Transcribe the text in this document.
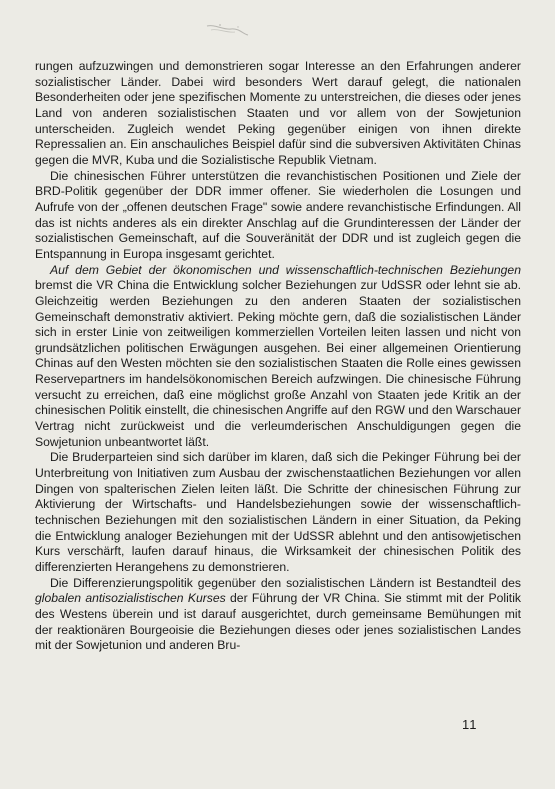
rungen aufzuzwingen und demonstrieren sogar Interesse an den Erfahrungen anderer sozialistischer Länder. Dabei wird besonders Wert darauf gelegt, die nationalen Besonderheiten oder jene spezifischen Momente zu unterstreichen, die dieses oder jenes Land von anderen sozialistischen Staaten und vor allem von der Sowjetunion unterscheiden. Zugleich wendet Peking gegenüber einigen von ihnen direkte Repressalien an. Ein anschauliches Beispiel dafür sind die subversiven Aktivitäten Chinas gegen die MVR, Kuba und die Sozialistische Republik Vietnam.

Die chinesischen Führer unterstützen die revanchistischen Positionen und Ziele der BRD-Politik gegenüber der DDR immer offener. Sie wiederholen die Losungen und Aufrufe von der „offenen deutschen Frage" sowie andere revanchistische Erfindungen. All das ist nichts anderes als ein direkter Anschlag auf die Grundinteressen der Länder der sozialistischen Gemeinschaft, auf die Souveränität der DDR und ist zugleich gegen die Entspannung in Europa insgesamt gerichtet.

Auf dem Gebiet der ökonomischen und wissenschaftlich-technischen Beziehungen bremst die VR China die Entwicklung solcher Beziehungen zur UdSSR oder lehnt sie ab. Gleichzeitig werden Beziehungen zu den anderen Staaten der sozialistischen Gemeinschaft demonstrativ aktiviert. Peking möchte gern, daß die sozialistischen Länder sich in erster Linie von zeitweiligen kommerziellen Vorteilen leiten lassen und nicht von grundsätzlichen politischen Erwägungen ausgehen. Bei einer allgemeinen Orientierung Chinas auf den Westen möchten sie den sozialistischen Staaten die Rolle eines gewissen Reservepartners im handelsökonomischen Bereich aufzwingen. Die chinesische Führung versucht zu erreichen, daß eine möglichst große Anzahl von Staaten jede Kritik an der chinesischen Politik einstellt, die chinesischen Angriffe auf den RGW und den Warschauer Vertrag nicht zurückweist und die verleumderischen Anschuldigungen gegen die Sowjetunion unbeantwortet läßt.

Die Bruderparteien sind sich darüber im klaren, daß sich die Pekinger Führung bei der Unterbreitung von Initiativen zum Ausbau der zwischenstaatlichen Beziehungen vor allen Dingen von spalterischen Zielen leiten läßt. Die Schritte der chinesischen Führung zur Aktivierung der Wirtschafts- und Handelsbeziehungen sowie der wissenschaftlich-technischen Beziehungen mit den sozialistischen Ländern in einer Situation, da Peking die Entwicklung analoger Beziehungen mit der UdSSR ablehnt und den antisowjetischen Kurs verschärft, laufen darauf hinaus, die Wirksamkeit der chinesischen Politik des differenzierten Herangehens zu demonstrieren.

Die Differenzierungspolitik gegenüber den sozialistischen Ländern ist Bestandteil des globalen antisozialistischen Kurses der Führung der VR China. Sie stimmt mit der Politik des Westens überein und ist darauf ausgerichtet, durch gemeinsame Bemühungen mit der reaktionären Bourgeoisie die Beziehungen dieses oder jenes sozialistischen Landes mit der Sowjetunion und anderen Bru-

11
